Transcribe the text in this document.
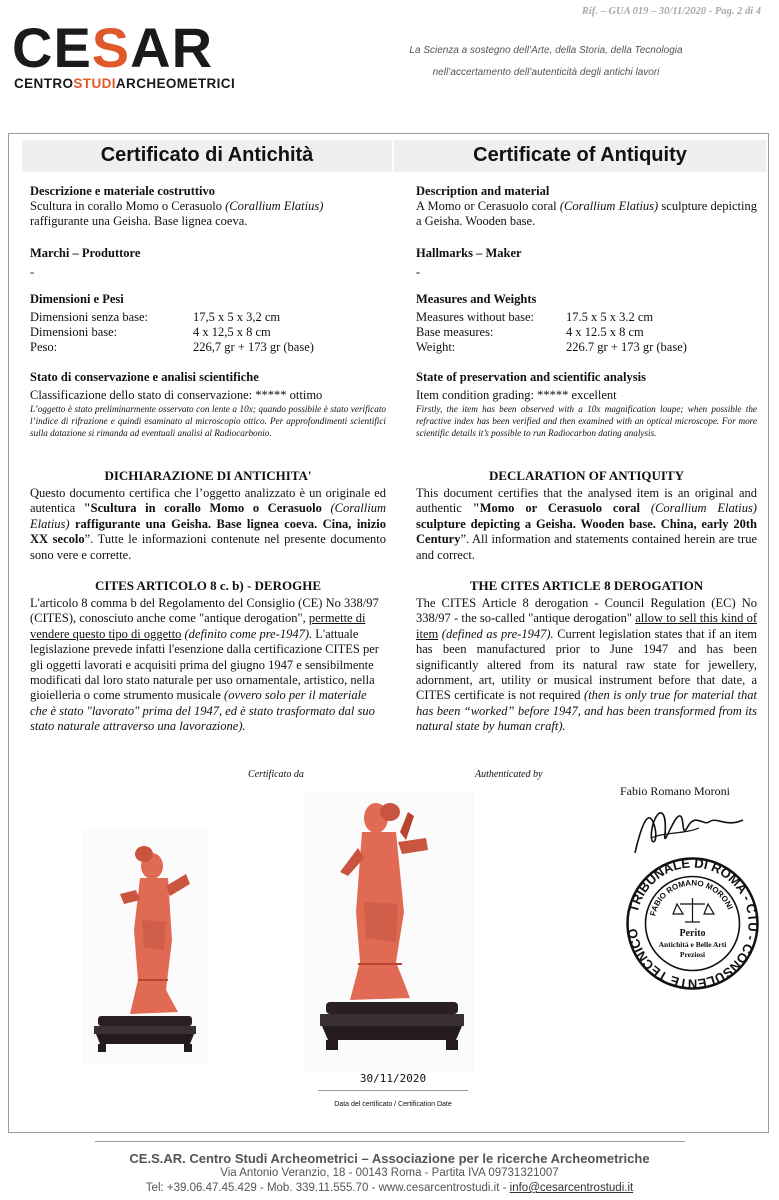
Rif. – GUA 019 – 30/11/2020 - Pag. 2 di 4
CESAR
CENTROSTUDIARCHEOMETRICI
La Scienza a sostegno dell’Arte, della Storia, della Tecnologia
nell’accertamento dell’autenticità degli antichi lavori
Certificato di Antichità	Certificate of Antiquity

Descrizione e materiale costruttivo

Scultura in corallo Momo o Cerasuolo (Corallium Elatius)
raffigurante una Geisha. Base lignea coeva.

Marchi – Produttore

-

Dimensioni e Pesi

Dimensioni senza base:	17,5 x 5 x 3,2 cm
Dimensioni base:	4 x 12,5 x 8 cm
Peso:	226,7 gr + 173 gr (base)

Stato di conservazione e analisi scientifiche

Classificazione dello stato di conservazione: ***** ottimo

L’oggetto è stato preliminarmente osservato con lente a 10x; quando possibile è stato verificato l’indice di rifrazione e quindi esaminato al microscopio ottico. Per approfondimenti scientifici sulla datazione si rimanda ad eventuali analisi al Radiocarbonio.

DICHIARAZIONE DI ANTICHITA'

Questo documento certifica che l’oggetto analizzato è un originale ed autentica "Scultura in corallo Momo o Cerasuolo (Corallium Elatius) raffigurante una Geisha. Base lignea coeva. Cina, inizio XX secolo”. Tutte le informazioni contenute nel presente documento sono vere e corrette.

CITES ARTICOLO 8 c. b) - DEROGHE

L'articolo 8 comma b del Regolamento del Consiglio (CE) No 338/97 (CITES), conosciuto anche come "antique derogation", permette di vendere questo tipo di oggetto (definito come pre-1947). L'attuale legislazione prevede infatti l'esenzione dalla certificazione CITES per gli oggetti lavorati e acquisiti prima del giugno 1947 e sensibilmente modificati dal loro stato naturale per uso ornamentale, artistico, nella gioielleria o come strumento musicale (ovvero solo per il materiale che è stato "lavorato" prima del 1947, ed è stato trasformato dal suo stato naturale attraverso una lavorazione).

Description and material

A Momo or Cerasuolo coral (Corallium Elatius) sculpture depicting a Geisha. Wooden base.

Hallmarks – Maker

-

Measures and Weights

Measures without base:	17.5 x 5 x 3.2 cm
Base measures:	4 x 12.5 x 8 cm
Weight:	226.7 gr + 173 gr (base)

State of preservation and scientific analysis

Item condition grading: ***** excellent

Firstly, the item has been observed with a 10x magnification loupe; when possible the refractive index has been verified and then examined with an optical microscope. For more scientific details it’s possible to run Radiocarbon dating analysis.

DECLARATION OF ANTIQUITY

This document certifies that the analysed item is an original and authentic "Momo or Cerasuolo coral (Corallium Elatius) sculpture depicting a Geisha. Wooden base. China, early 20th Century”. All information and statements contained herein are true and correct.

THE CITES ARTICLE 8 DEROGATION

The CITES Article 8 derogation - Council Regulation (EC) No 338/97 - the so-called "antique derogation" allow to sell this kind of item (defined as pre-1947). Current legislation states that if an item has been manufactured prior to June 1947 and has been significantly altered from its natural raw state for jewellery, adornment, art, utility or musical instrument before that date, a CITES certificate is not required (then is only true for material that has been “worked” before 1947, and has been transformed from its natural state by human craft).

Certificato da	Authenticated by
30/11/2020
Data del certificato / Certification Date
Fabio Romano Moroni
TRIBUNALE DI ROMA - CTU - CONSULENTE TECNICO
FABIO ROMANO MORONI
Perito
Antichità e Belle Arti
Preziosi
CE.S.AR. Centro Studi Archeometrici – Associazione per le ricerche Archeometriche
Via Antonio Veranzio, 18 - 00143 Roma - Partita IVA 09731321007
Tel: +39.06.47.45.429 - Mob. 339.11.555.70 - www.cesarcentrostudi.it - info@cesarcentrostudi.it
